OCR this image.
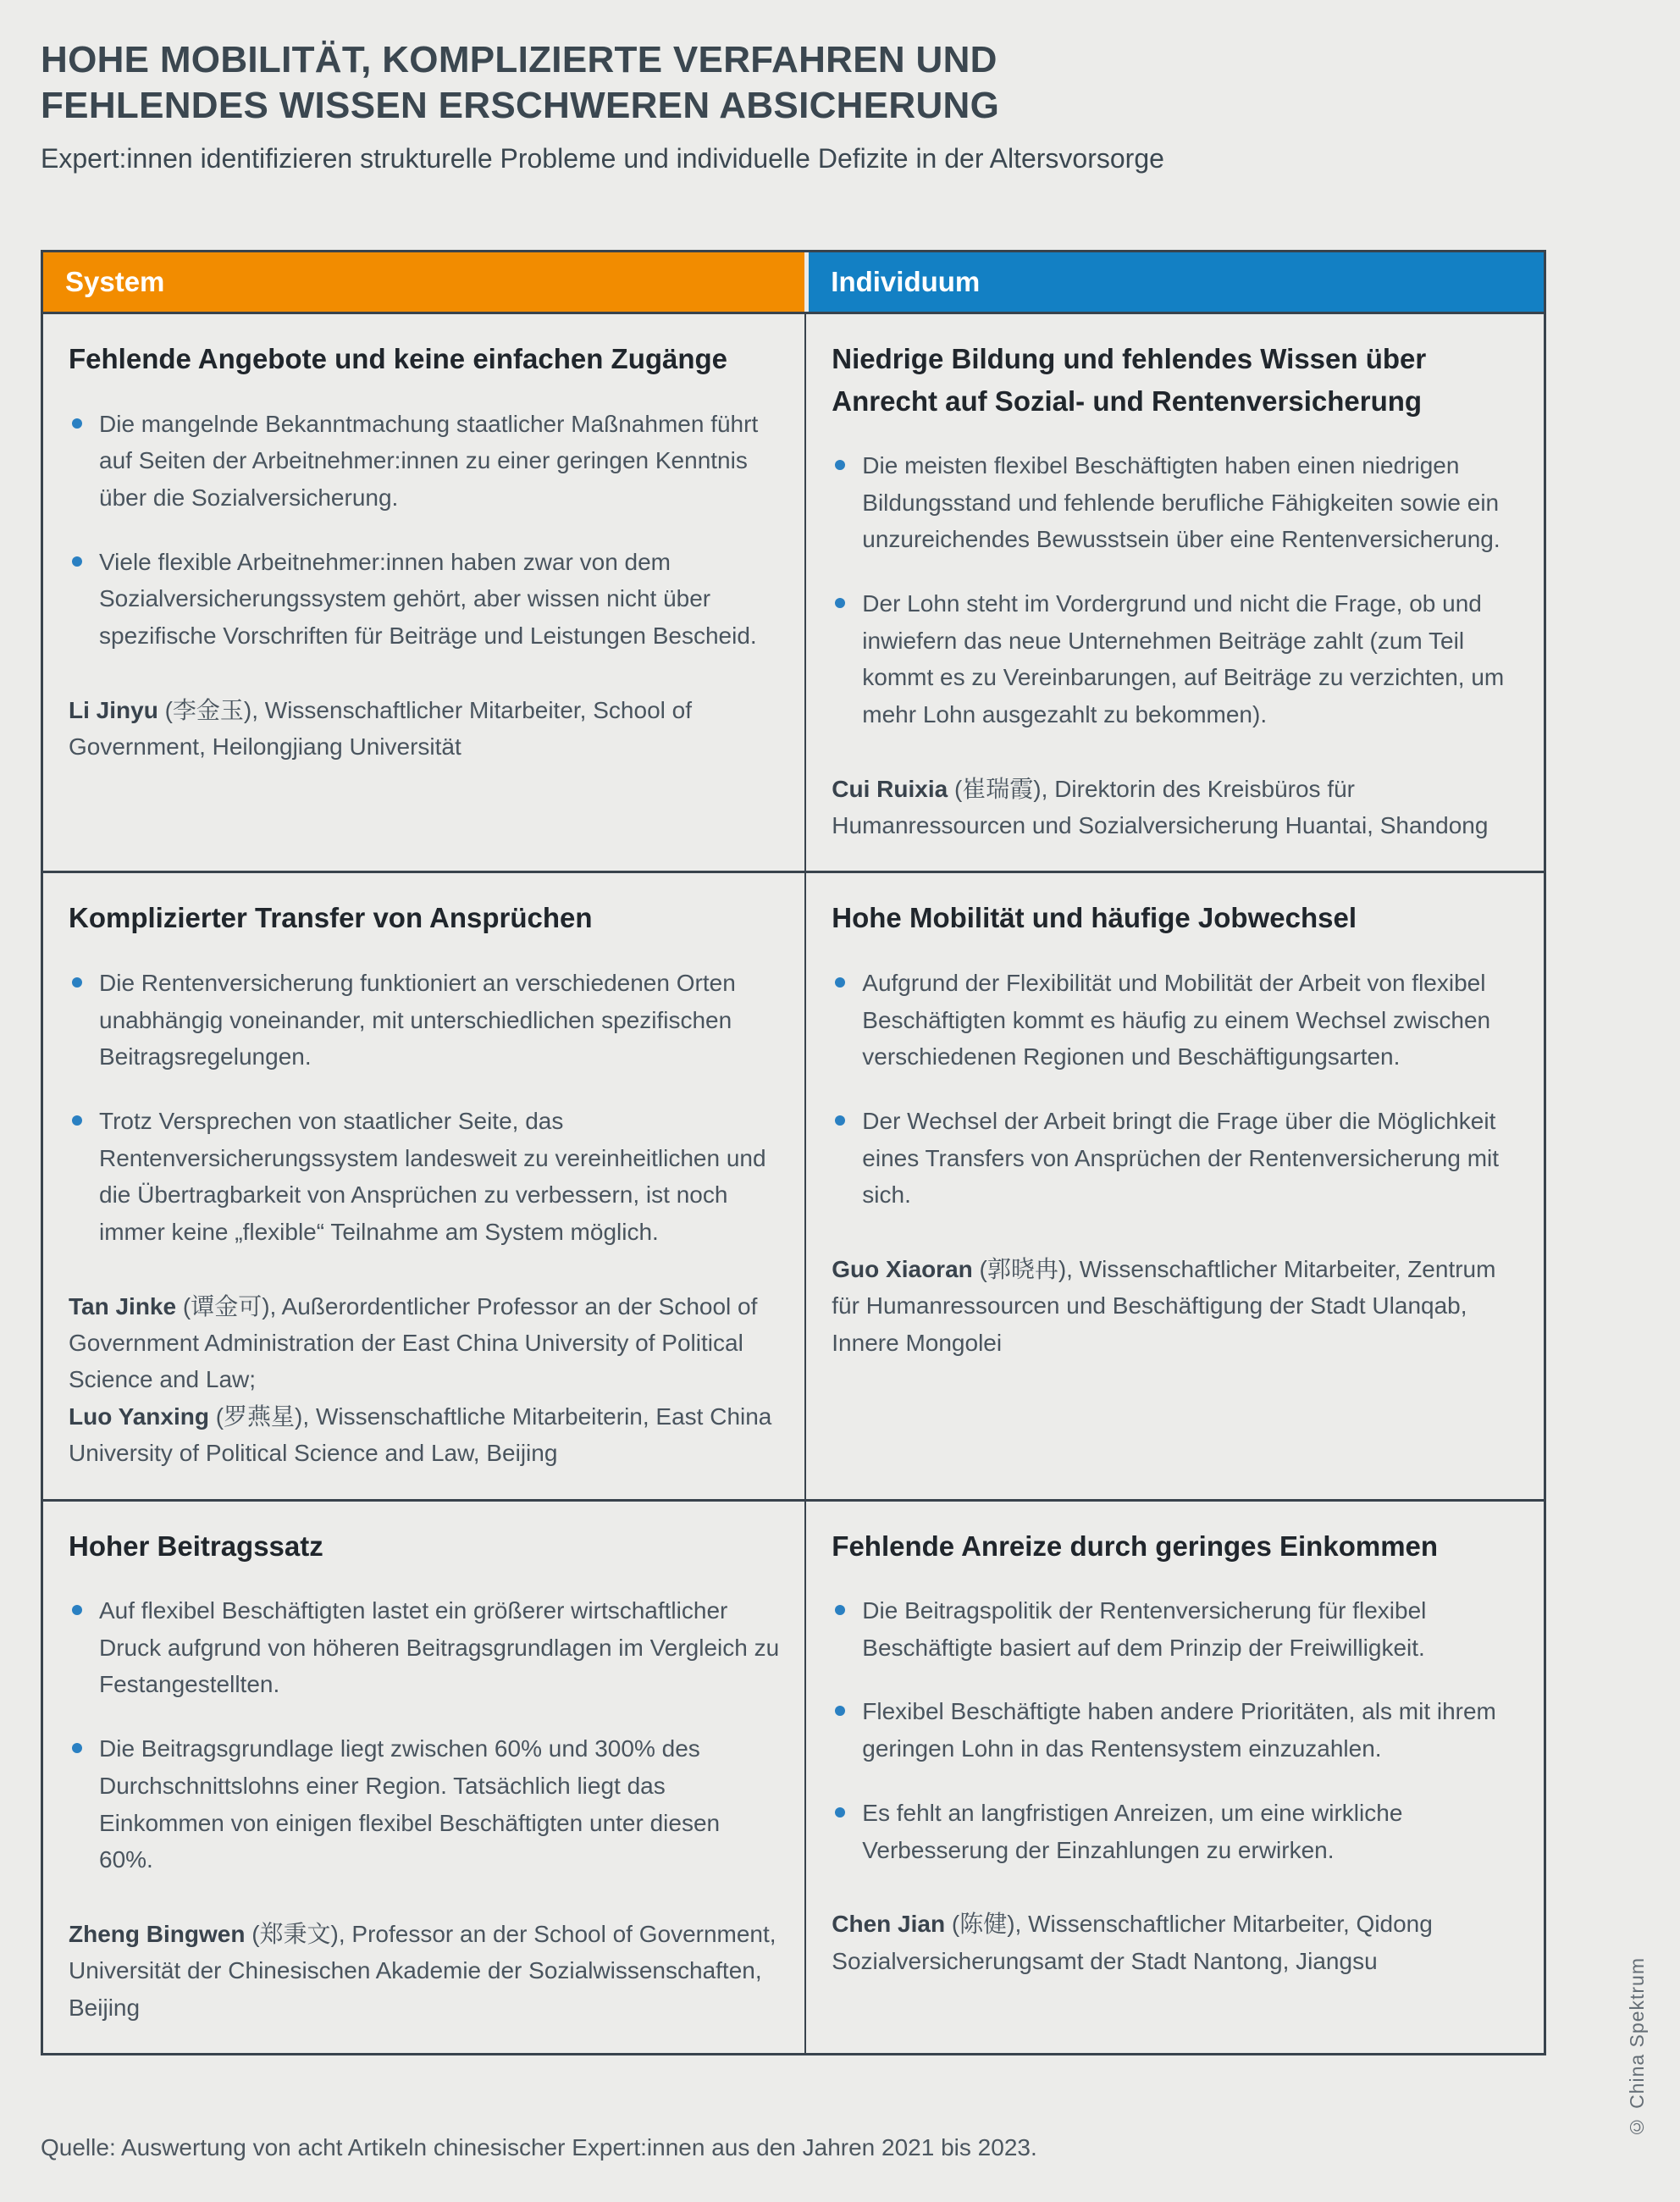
HOHE MOBILITÄT, KOMPLIZIERTE VERFAHREN UND
FEHLENDES WISSEN ERSCHWEREN ABSICHERUNG

Expert:innen identifizieren strukturelle Probleme und individuelle Defizite in der Altersvorsorge

System	Individuum
Fehlende Angebote und keine einfachen Zugänge
Die mangelnde Bekanntmachung staatlicher Maßnahmen führt auf Seiten der Arbeitnehmer:innen zu einer geringen Kenntnis über die Sozialversicherung.
Viele flexible Arbeitnehmer:innen haben zwar von dem Sozialversicherungssystem gehört, aber wissen nicht über spezifische Vorschriften für Beiträge und Leistungen Bescheid.

Li Jinyu (李金玉), Wissenschaftlicher Mitarbeiter, School of Government, Heilongjiang Universität

Niedrige Bildung und fehlendes Wissen über Anrecht auf Sozial- und Rentenversicherung
Die meisten flexibel Beschäftigten haben einen niedrigen Bildungsstand und fehlende berufliche Fähigkeiten sowie ein unzureichendes Bewusstsein über eine Rentenversicherung.
Der Lohn steht im Vordergrund und nicht die Frage, ob und inwiefern das neue Unternehmen Beiträge zahlt (zum Teil kommt es zu Vereinbarungen, auf Beiträge zu verzichten, um mehr Lohn ausgezahlt zu bekommen).

Cui Ruixia (崔瑞霞), Direktorin des Kreisbüros für Humanressourcen und Sozialversicherung Huantai, Shandong

Komplizierter Transfer von Ansprüchen
Die Rentenversicherung funktioniert an verschiedenen Orten unabhängig voneinander, mit unterschiedlichen spezifischen Beitragsregelungen.
Trotz Versprechen von staatlicher Seite, das Rentenversicherungssystem landesweit zu vereinheitlichen und die Übertragbarkeit von Ansprüchen zu verbessern, ist noch immer keine „flexible“ Teilnahme am System möglich.

Tan Jinke (谭金可), Außerordentlicher Professor an der School of Government Administration der East China University of Political Science and Law;
Luo Yanxing (罗燕星), Wissenschaftliche Mitarbeiterin, East China University of Political Science and Law, Beijing

Hohe Mobilität und häufige Jobwechsel
Aufgrund der Flexibilität und Mobilität der Arbeit von flexibel Beschäftigten kommt es häufig zu einem Wechsel zwischen verschiedenen Regionen und Beschäftigungsarten.
Der Wechsel der Arbeit bringt die Frage über die Möglichkeit eines Transfers von Ansprüchen der Rentenversicherung mit sich.

Guo Xiaoran (郭晓冉), Wissenschaftlicher Mitarbeiter, Zentrum für Humanressourcen und Beschäftigung der Stadt Ulanqab, Innere Mongolei

Hoher Beitragssatz
Auf flexibel Beschäftigten lastet ein größerer wirtschaftlicher Druck aufgrund von höheren Beitragsgrundlagen im Vergleich zu Festangestellten.
Die Beitragsgrundlage liegt zwischen 60% und 300% des Durchschnittslohns einer Region. Tatsächlich liegt das Einkommen von einigen flexibel Beschäftigten unter diesen 60%.

Zheng Bingwen (郑秉文), Professor an der School of Government, Universität der Chinesischen Akademie der Sozialwissenschaften, Beijing

Fehlende Anreize durch geringes Einkommen
Die Beitragspolitik der Rentenversicherung für flexibel Beschäftigte basiert auf dem Prinzip der Freiwilligkeit.
Flexibel Beschäftigte haben andere Prioritäten, als mit ihrem geringen Lohn in das Rentensystem einzuzahlen.
Es fehlt an langfristigen Anreizen, um eine wirkliche Verbesserung der Einzahlungen zu erwirken.

Chen Jian (陈健), Wissenschaftlicher Mitarbeiter, Qidong Sozialversicherungsamt der Stadt Nantong, Jiangsu

Quelle: Auswertung von acht Artikeln chinesischer Expert:innen aus den Jahren 2021 bis 2023.

© China Spektrum
